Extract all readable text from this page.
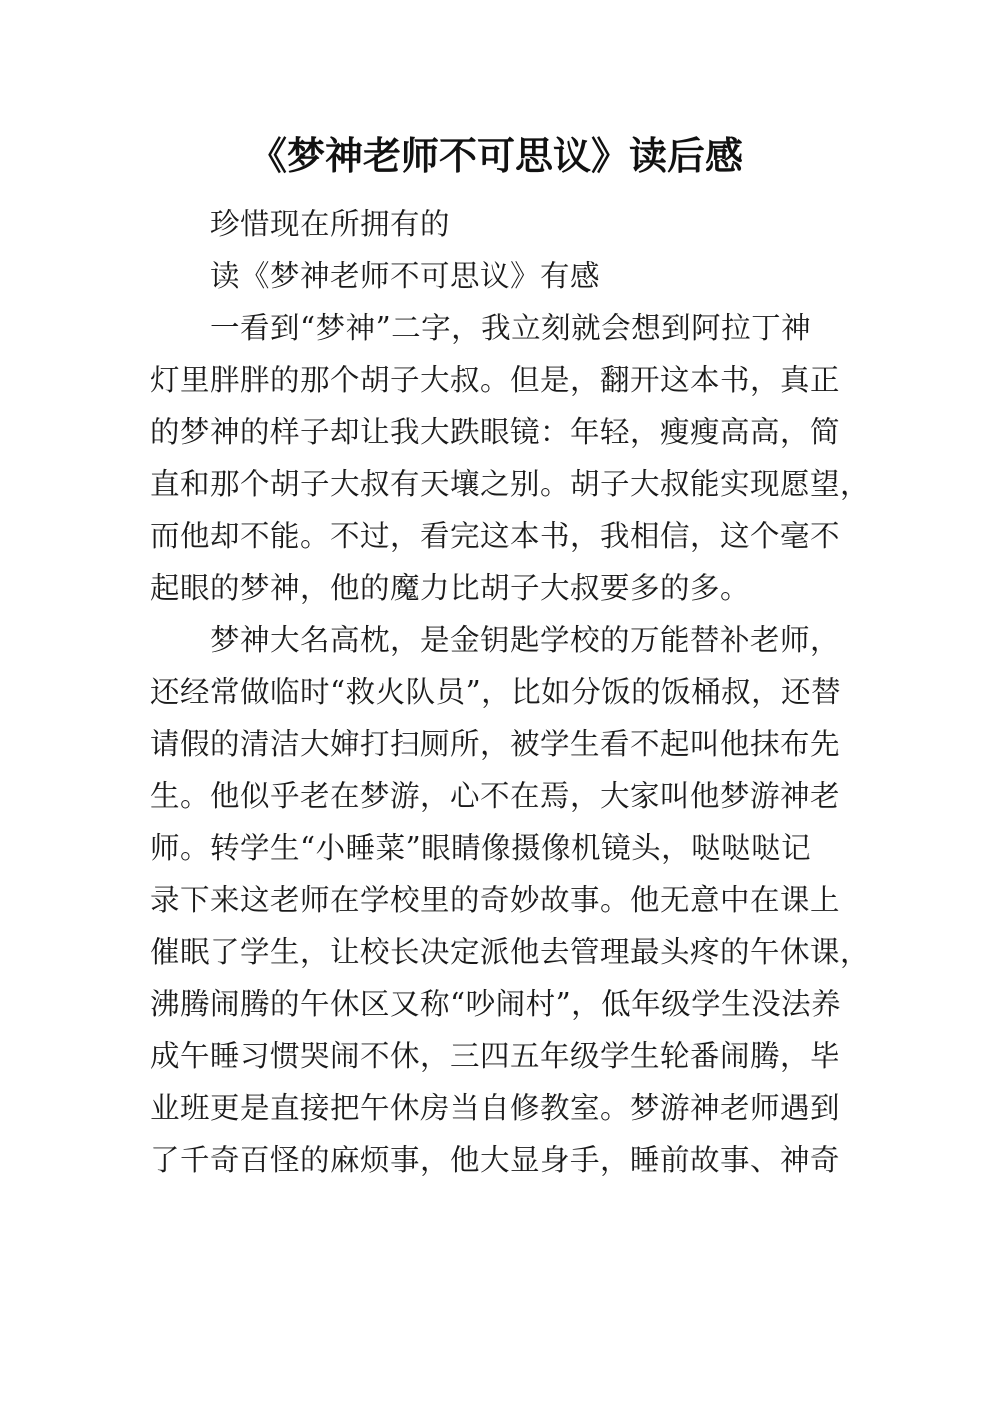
《梦神老师不可思议》读后感

珍惜现在所拥有的

读《梦神老师不可思议》有感

一看到“梦神”二字，我立刻就会想到阿拉丁神
灯里胖胖的那个胡子大叔。但是，翻开这本书，真正
的梦神的样子却让我大跌眼镜：年轻，瘦瘦高高，简
直和那个胡子大叔有天壤之别。胡子大叔能实现愿望，
而他却不能。不过，看完这本书，我相信，这个毫不
起眼的梦神，他的魔力比胡子大叔要多的多。

梦神大名高枕，是金钥匙学校的万能替补老师，
还经常做临时“救火队员”，比如分饭的饭桶叔，还替
请假的清洁大婶打扫厕所，被学生看不起叫他抹布先
生。他似乎老在梦游，心不在焉，大家叫他梦游神老
师。转学生“小睡菜”眼睛像摄像机镜头，哒哒哒记
录下来这老师在学校里的奇妙故事。他无意中在课上
催眠了学生，让校长决定派他去管理最头疼的午休课，
沸腾闹腾的午休区又称“吵闹村”，低年级学生没法养
成午睡习惯哭闹不休，三四五年级学生轮番闹腾，毕
业班更是直接把午休房当自修教室。梦游神老师遇到
了千奇百怪的麻烦事，他大显身手，睡前故事、神奇
